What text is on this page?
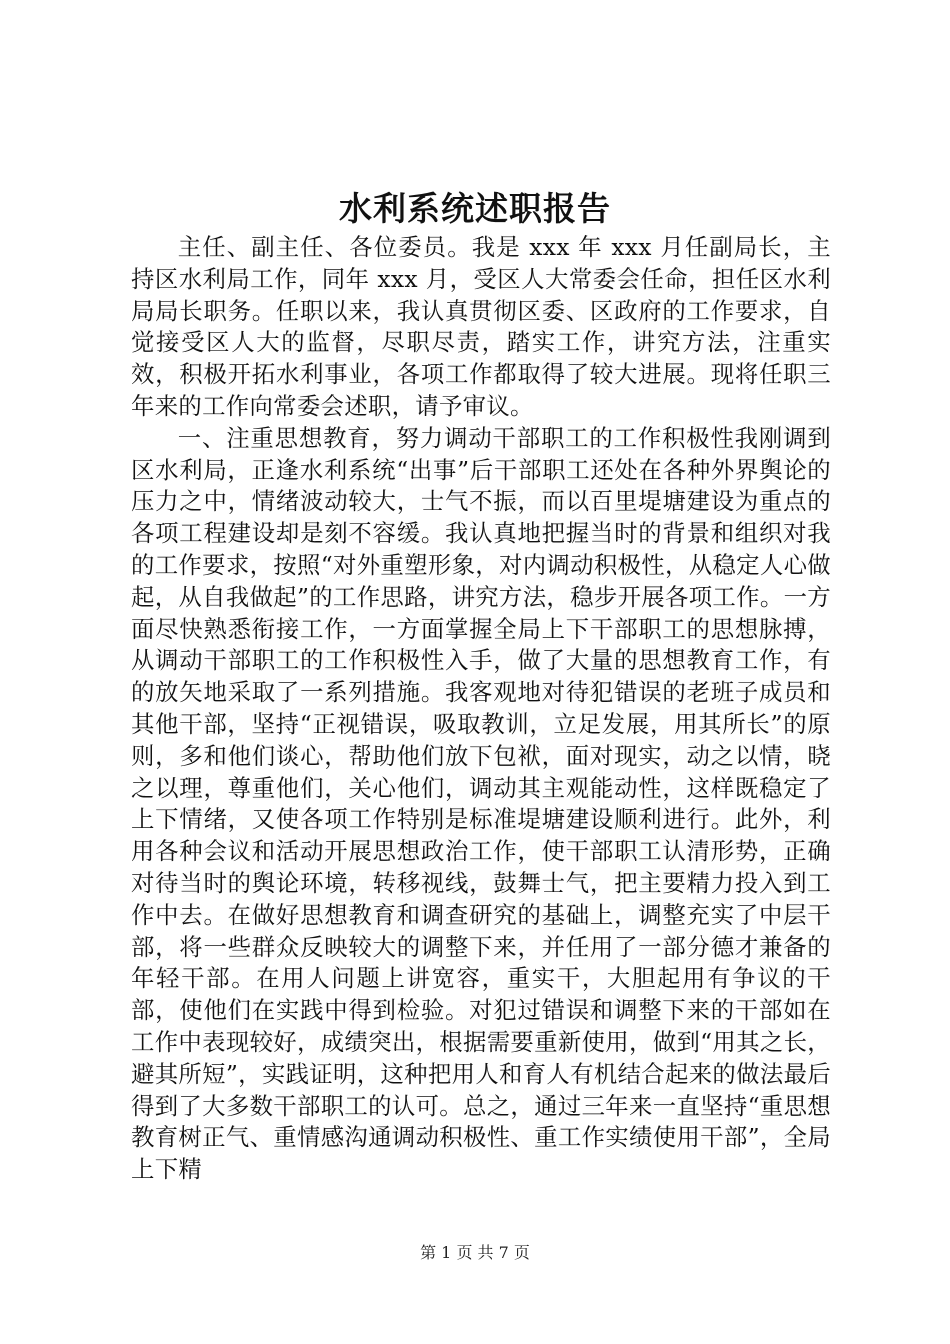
水利系统述职报告

主任、副主任、各位委员。我是 xxx 年 xxx 月任副局长，主持区水利局工作，同年 xxx 月，受区人大常委会任命，担任区水利局局长职务。任职以来，我认真贯彻区委、区政府的工作要求，自觉接受区人大的监督，尽职尽责，踏实工作，讲究方法，注重实效，积极开拓水利事业，各项工作都取得了较大进展。现将任职三年来的工作向常委会述职，请予审议。

一、注重思想教育，努力调动干部职工的工作积极性我刚调到区水利局，正逢水利系统“出事”后干部职工还处在各种外界舆论的压力之中，情绪波动较大，士气不振，而以百里堤塘建设为重点的各项工程建设却是刻不容缓。我认真地把握当时的背景和组织对我的工作要求，按照“对外重塑形象，对内调动积极性，从稳定人心做起，从自我做起”的工作思路，讲究方法，稳步开展各项工作。一方面尽快熟悉衔接工作，一方面掌握全局上下干部职工的思想脉搏，从调动干部职工的工作积极性入手，做了大量的思想教育工作，有的放矢地采取了一系列措施。我客观地对待犯错误的老班子成员和其他干部，坚持“正视错误，吸取教训，立足发展，用其所长”的原则，多和他们谈心，帮助他们放下包袱，面对现实，动之以情，晓之以理，尊重他们，关心他们，调动其主观能动性，这样既稳定了上下情绪，又使各项工作特别是标准堤塘建设顺利进行。此外，利用各种会议和活动开展思想政治工作，使干部职工认清形势，正确对待当时的舆论环境，转移视线，鼓舞士气，把主要精力投入到工作中去。在做好思想教育和调查研究的基础上，调整充实了中层干部，将一些群众反映较大的调整下来，并任用了一部分德才兼备的年轻干部。在用人问题上讲宽容，重实干，大胆起用有争议的干部，使他们在实践中得到检验。对犯过错误和调整下来的干部如在工作中表现较好，成绩突出，根据需要重新使用，做到“用其之长，避其所短”，实践证明，这种把用人和育人有机结合起来的做法最后得到了大多数干部职工的认可。总之，通过三年来一直坚持“重思想教育树正气、重情感沟通调动积极性、重工作实绩使用干部”，全局上下精

第 1 页 共 7 页
